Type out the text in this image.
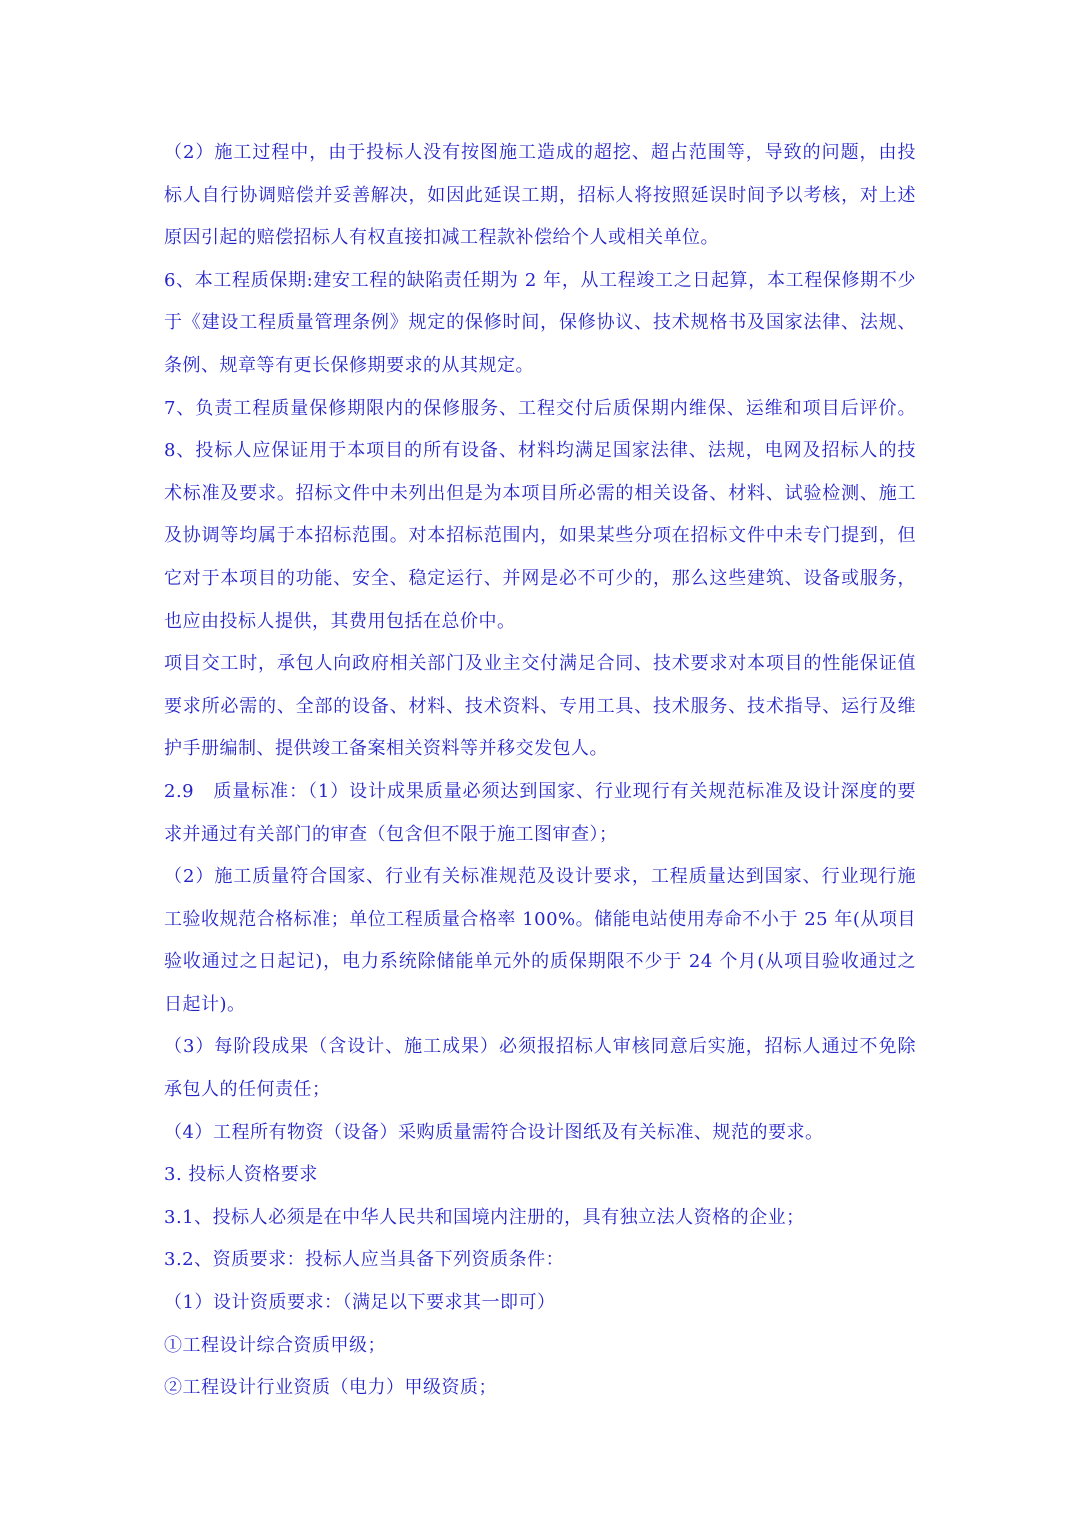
（2）施工过程中，由于投标人没有按图施工造成的超挖、超占范围等，导致的问题，由投
标人自行协调赔偿并妥善解决，如因此延误工期，招标人将按照延误时间予以考核，对上述
原因引起的赔偿招标人有权直接扣减工程款补偿给个人或相关单位。
6、本工程质保期:建安工程的缺陷责任期为 2 年，从工程竣工之日起算，本工程保修期不少
于《建设工程质量管理条例》规定的保修时间，保修协议、技术规格书及国家法律、法规、
条例、规章等有更长保修期要求的从其规定。
7、负责工程质量保修期限内的保修服务、工程交付后质保期内维保、运维和项目后评价。
8、投标人应保证用于本项目的所有设备、材料均满足国家法律、法规，电网及招标人的技
术标准及要求。招标文件中未列出但是为本项目所必需的相关设备、材料、试验检测、施工
及协调等均属于本招标范围。对本招标范围内，如果某些分项在招标文件中未专门提到，但
它对于本项目的功能、安全、稳定运行、并网是必不可少的，那么这些建筑、设备或服务，
也应由投标人提供，其费用包括在总价中。
项目交工时，承包人向政府相关部门及业主交付满足合同、技术要求对本项目的性能保证值
要求所必需的、全部的设备、材料、技术资料、专用工具、技术服务、技术指导、运行及维
护手册编制、提供竣工备案相关资料等并移交发包人。
2.9　质量标准：（1）设计成果质量必须达到国家、行业现行有关规范标准及设计深度的要
求并通过有关部门的审查（包含但不限于施工图审查）；
（2）施工质量符合国家、行业有关标准规范及设计要求，工程质量达到国家、行业现行施
工验收规范合格标准；单位工程质量合格率 100%。储能电站使用寿命不小于 25 年(从项目
验收通过之日起记)，电力系统除储能单元外的质保期限不少于 24 个月(从项目验收通过之
日起计)。
（3）每阶段成果（含设计、施工成果）必须报招标人审核同意后实施，招标人通过不免除
承包人的任何责任；
（4）工程所有物资（设备）采购质量需符合设计图纸及有关标准、规范的要求。
3. 投标人资格要求
3.1、投标人必须是在中华人民共和国境内注册的，具有独立法人资格的企业；
3.2、资质要求：投标人应当具备下列资质条件：
（1）设计资质要求：（满足以下要求其一即可）
①工程设计综合资质甲级；
②工程设计行业资质（电力）甲级资质；
